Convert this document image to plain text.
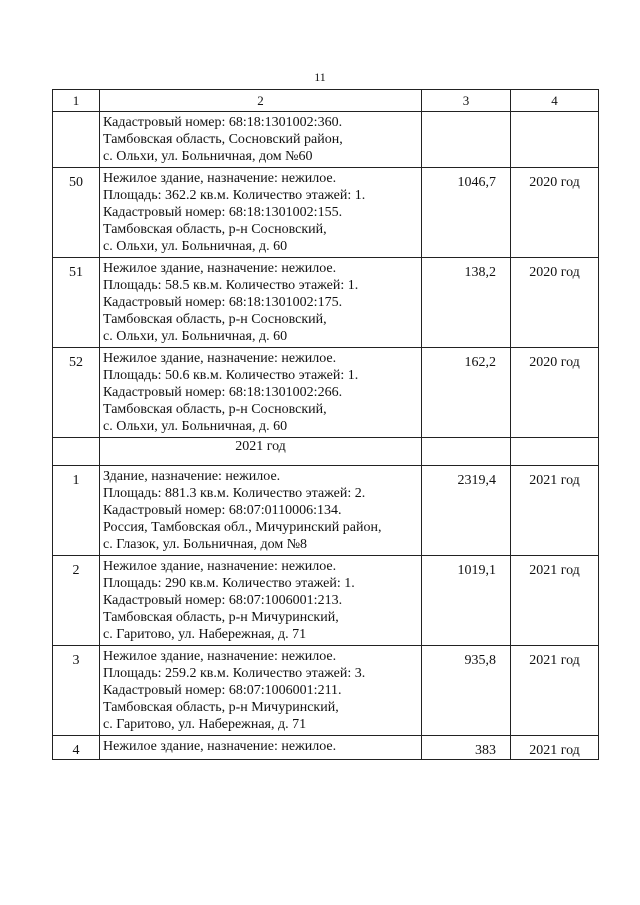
11
1	2	3	4

	Кадастровый номер: 68:18:1301002:360.
Тамбовская область, Сосновский район,
с. Ольхи, ул. Больничная, дом №60		

50	Нежилое здание, назначение: нежилое.
Площадь: 362.2 кв.м. Количество этажей: 1.
Кадастровый номер: 68:18:1301002:155.
Тамбовская область, р-н Сосновский,
с. Ольхи, ул. Больничная, д. 60	1046,7	2020 год
51	Нежилое здание, назначение: нежилое.
Площадь: 58.5 кв.м. Количество этажей: 1.
Кадастровый номер: 68:18:1301002:175.
Тамбовская область, р-н Сосновский,
с. Ольхи, ул. Больничная, д. 60	138,2	2020 год
52	Нежилое здание, назначение: нежилое.
Площадь: 50.6 кв.м. Количество этажей: 1.
Кадастровый номер: 68:18:1301002:266.
Тамбовская область, р-н Сосновский,
с. Ольхи, ул. Больничная, д. 60	162,2	2020 год
	2021 год		
1	Здание, назначение: нежилое.
Площадь: 881.3 кв.м. Количество этажей: 2.
Кадастровый номер: 68:07:0110006:134.
Россия, Тамбовская обл., Мичуринский район,
с. Глазок, ул. Больничная, дом №8	2319,4	2021 год
2	Нежилое здание, назначение: нежилое.
Площадь: 290 кв.м. Количество этажей: 1.
Кадастровый номер: 68:07:1006001:213.
Тамбовская область, р-н Мичуринский,
с. Гаритово, ул. Набережная, д. 71	1019,1	2021 год
3	Нежилое здание, назначение: нежилое.
Площадь: 259.2 кв.м. Количество этажей: 3.
Кадастровый номер: 68:07:1006001:211.
Тамбовская область, р-н Мичуринский,
с. Гаритово, ул. Набережная, д. 71	935,8	2021 год
4	Нежилое здание, назначение: нежилое.	383	2021 год
